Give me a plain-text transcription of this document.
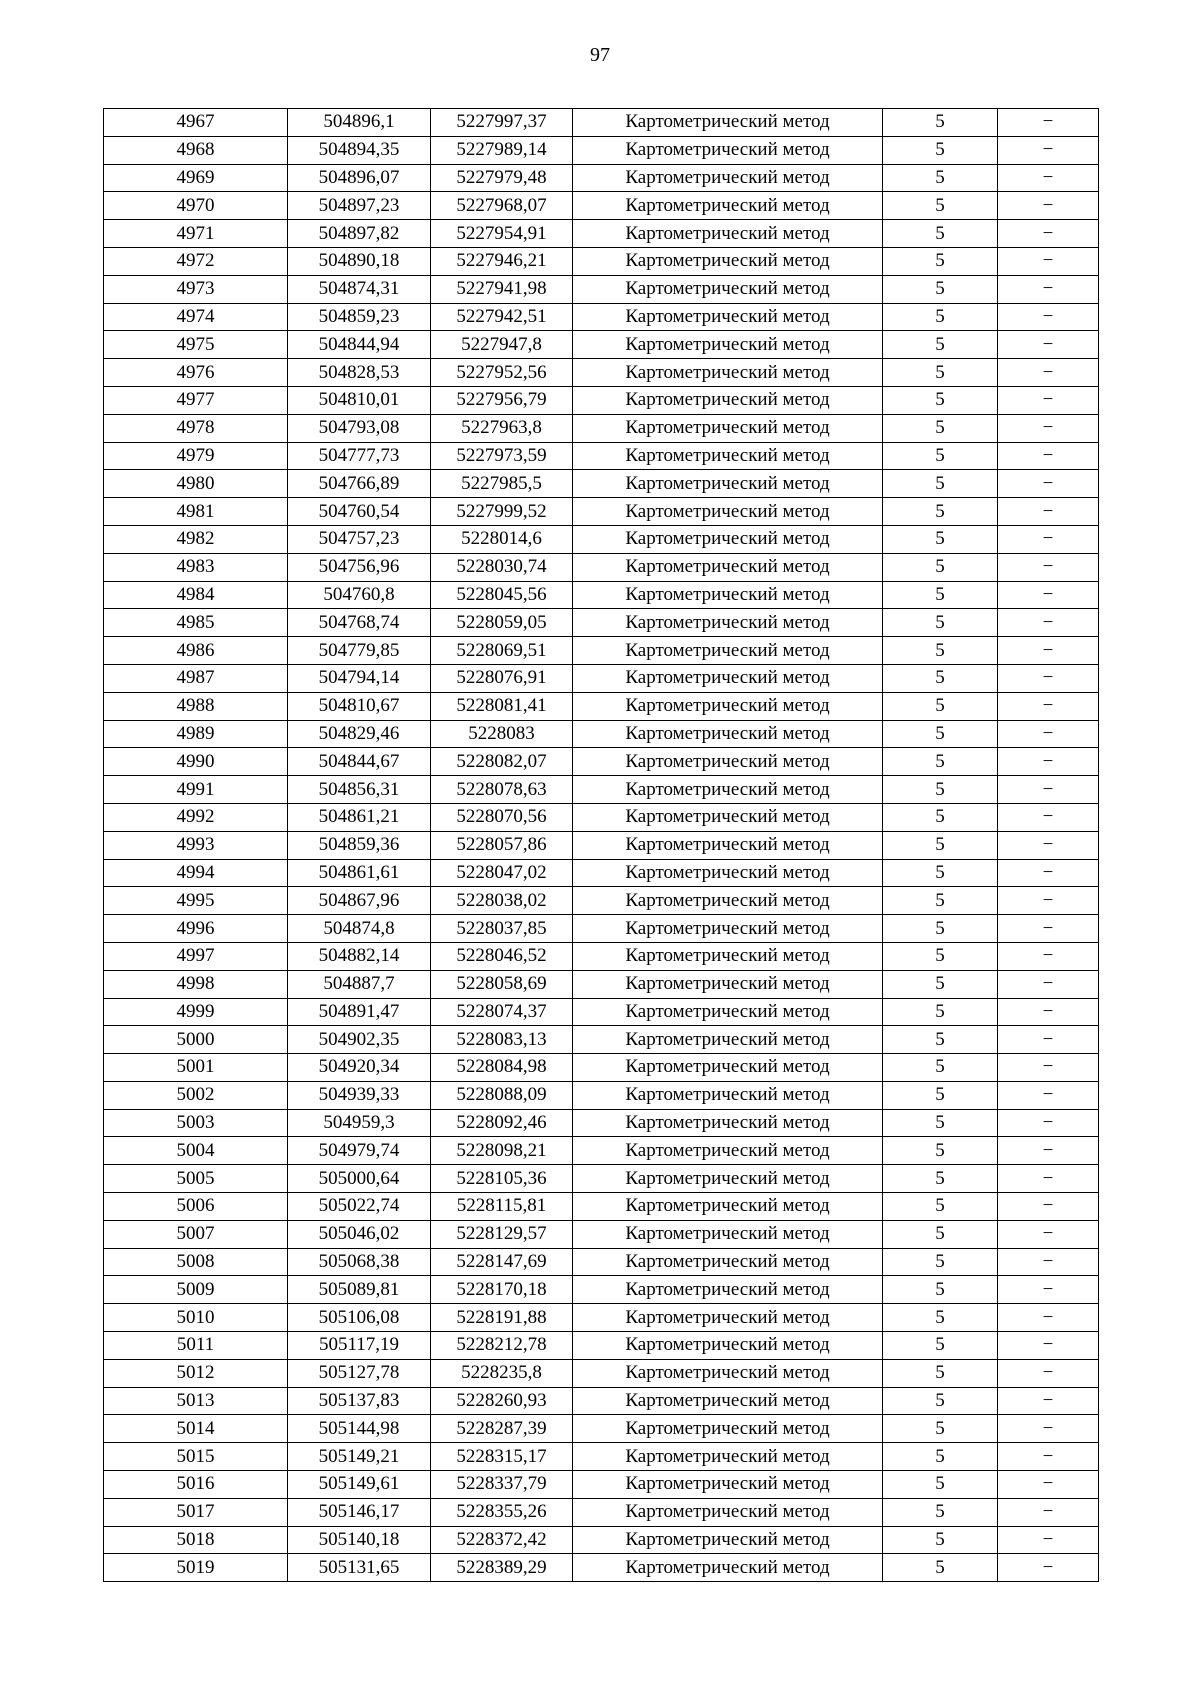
97
4967	504896,1	5227997,37	Картометрический метод	5	−
4968	504894,35	5227989,14	Картометрический метод	5	−
4969	504896,07	5227979,48	Картометрический метод	5	−
4970	504897,23	5227968,07	Картометрический метод	5	−
4971	504897,82	5227954,91	Картометрический метод	5	−
4972	504890,18	5227946,21	Картометрический метод	5	−
4973	504874,31	5227941,98	Картометрический метод	5	−
4974	504859,23	5227942,51	Картометрический метод	5	−
4975	504844,94	5227947,8	Картометрический метод	5	−
4976	504828,53	5227952,56	Картометрический метод	5	−
4977	504810,01	5227956,79	Картометрический метод	5	−
4978	504793,08	5227963,8	Картометрический метод	5	−
4979	504777,73	5227973,59	Картометрический метод	5	−
4980	504766,89	5227985,5	Картометрический метод	5	−
4981	504760,54	5227999,52	Картометрический метод	5	−
4982	504757,23	5228014,6	Картометрический метод	5	−
4983	504756,96	5228030,74	Картометрический метод	5	−
4984	504760,8	5228045,56	Картометрический метод	5	−
4985	504768,74	5228059,05	Картометрический метод	5	−
4986	504779,85	5228069,51	Картометрический метод	5	−
4987	504794,14	5228076,91	Картометрический метод	5	−
4988	504810,67	5228081,41	Картометрический метод	5	−
4989	504829,46	5228083	Картометрический метод	5	−
4990	504844,67	5228082,07	Картометрический метод	5	−
4991	504856,31	5228078,63	Картометрический метод	5	−
4992	504861,21	5228070,56	Картометрический метод	5	−
4993	504859,36	5228057,86	Картометрический метод	5	−
4994	504861,61	5228047,02	Картометрический метод	5	−
4995	504867,96	5228038,02	Картометрический метод	5	−
4996	504874,8	5228037,85	Картометрический метод	5	−
4997	504882,14	5228046,52	Картометрический метод	5	−
4998	504887,7	5228058,69	Картометрический метод	5	−
4999	504891,47	5228074,37	Картометрический метод	5	−
5000	504902,35	5228083,13	Картометрический метод	5	−
5001	504920,34	5228084,98	Картометрический метод	5	−
5002	504939,33	5228088,09	Картометрический метод	5	−
5003	504959,3	5228092,46	Картометрический метод	5	−
5004	504979,74	5228098,21	Картометрический метод	5	−
5005	505000,64	5228105,36	Картометрический метод	5	−
5006	505022,74	5228115,81	Картометрический метод	5	−
5007	505046,02	5228129,57	Картометрический метод	5	−
5008	505068,38	5228147,69	Картометрический метод	5	−
5009	505089,81	5228170,18	Картометрический метод	5	−
5010	505106,08	5228191,88	Картометрический метод	5	−
5011	505117,19	5228212,78	Картометрический метод	5	−
5012	505127,78	5228235,8	Картометрический метод	5	−
5013	505137,83	5228260,93	Картометрический метод	5	−
5014	505144,98	5228287,39	Картометрический метод	5	−
5015	505149,21	5228315,17	Картометрический метод	5	−
5016	505149,61	5228337,79	Картометрический метод	5	−
5017	505146,17	5228355,26	Картометрический метод	5	−
5018	505140,18	5228372,42	Картометрический метод	5	−
5019	505131,65	5228389,29	Картометрический метод	5	−
